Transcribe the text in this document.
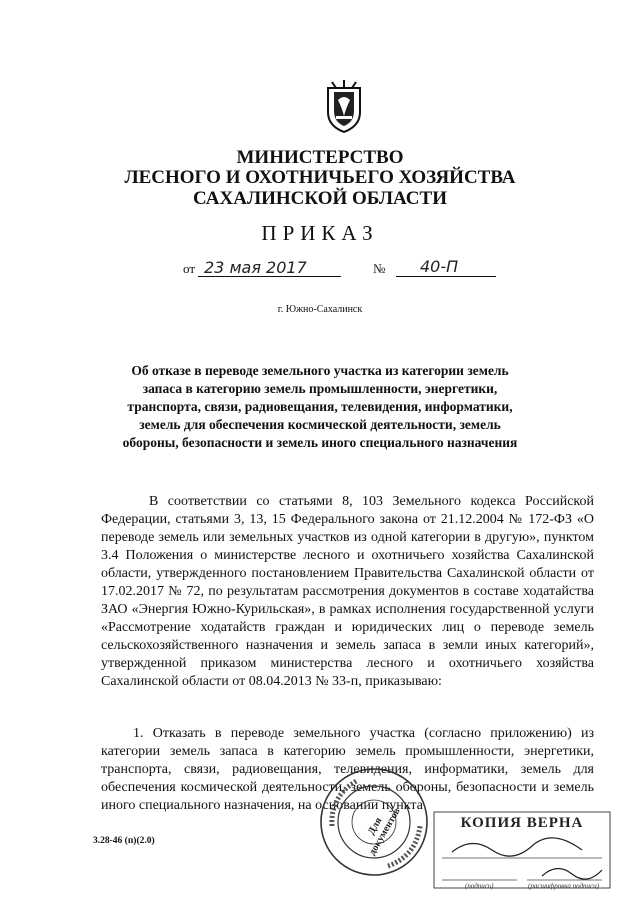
МИНИСТЕРСТВО
ЛЕСНОГО И ОХОТНИЧЬЕГО ХОЗЯЙСТВА
САХАЛИНСКОЙ ОБЛАСТИ
ПРИКАЗ
от 23 мая 2017	№ 40-П
г. Южно-Сахалинск
Об отказе в переводе земельного участка из категории земель запаса в категорию земель промышленности, энергетики, транспорта, связи, радиовещания, телевидения, информатики, земель для обеспечения космической деятельности, земель обороны, безопасности и земель иного специального назначения
В соответствии со статьями 8, 103 Земельного кодекса Российской Федерации, статьями 3, 13, 15 Федерального закона от 21.12.2004 № 172-ФЗ «О переводе земель или земельных участков из одной категории в другую», пунктом 3.4 Положения о министерстве лесного и охотничьего хозяйства Сахалинской области, утвержденного постановлением Правительства Сахалинской области от 17.02.2017 № 72, по результатам рассмотрения документов в составе ходатайства ЗАО «Энергия Южно-Курильская», в рамках исполнения государственной услуги «Рассмотрение ходатайств граждан и юридических лиц о переводе земель сельскохозяйственного назначения и земель запаса в земли иных категорий», утвержденной приказом министерства лесного и охотничьего хозяйства Сахалинской области от 08.04.2013 № 33-п, приказываю:
1. Отказать в переводе земельного участка (согласно приложению) из категории земель запаса в категорию земель промышленности, энергетики, транспорта, связи, радиовещания, телевидения, информатики, земель для обеспечения космической деятельности, земель обороны, безопасности и земель иного специального назначения, на основании пункта
3.28-46 (п)(2.0)
Для документов	КОПИЯ ВЕРНА
(подпись)	(расшифровка подписи)
